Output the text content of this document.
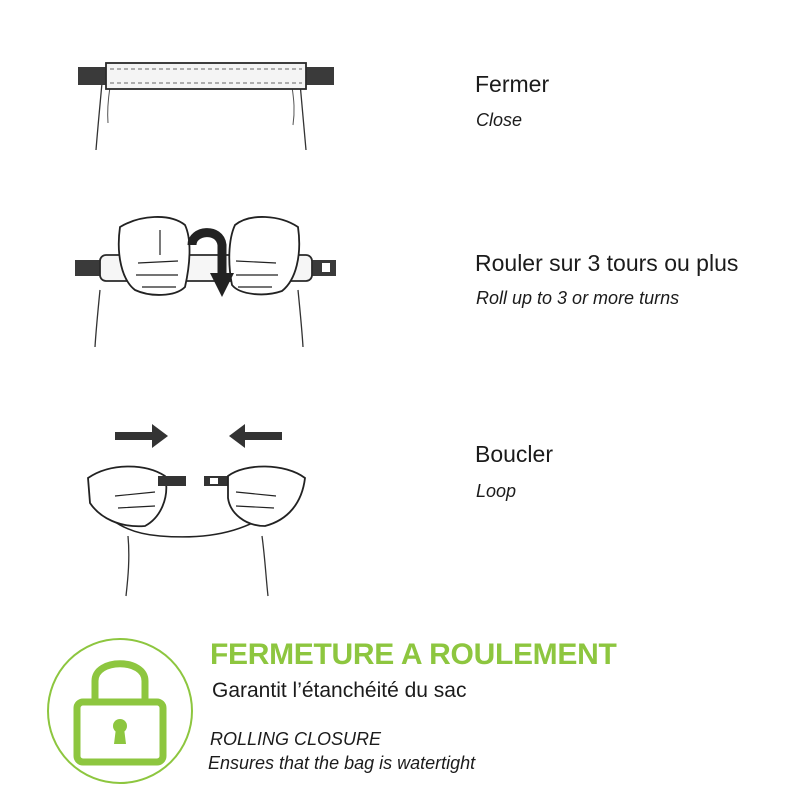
Fermer
Close
Rouler sur 3 tours ou plus
Roll up to 3 or more turns
Boucler
Loop
FERMETURE A ROULEMENT
Garantit l’étanchéité du sac
ROLLING CLOSURE
Ensures that the bag is watertight
